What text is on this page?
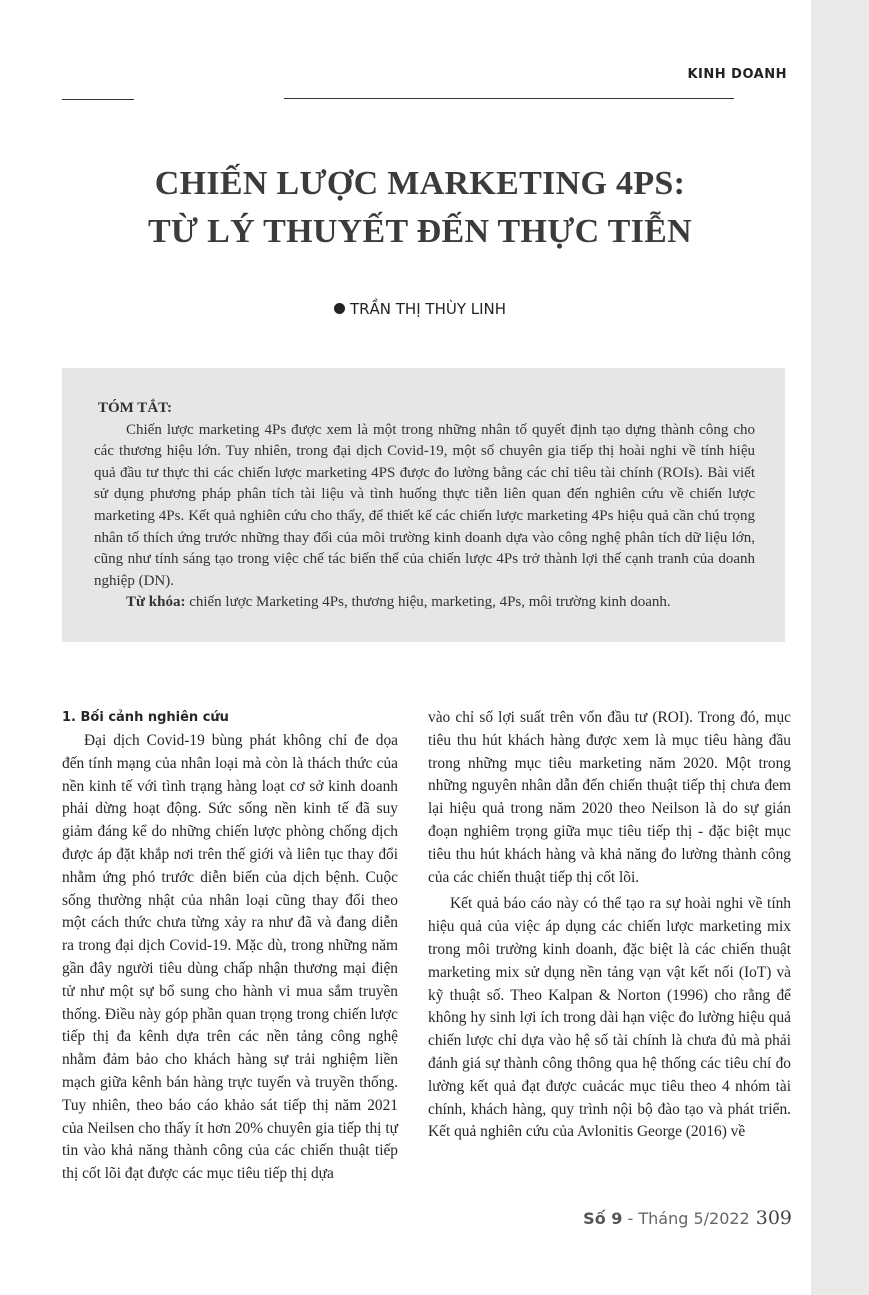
KINH DOANH
CHIẾN LƯỢC MARKETING 4PS:
TỪ LÝ THUYẾT ĐẾN THỰC TIỄN
TRẦN THỊ THÙY LINH
TÓM TẮT:
Chiến lược marketing 4Ps được xem là một trong những nhân tố quyết định tạo dựng thành công cho các thương hiệu lớn. Tuy nhiên, trong đại dịch Covid-19, một số chuyên gia tiếp thị hoài nghi về tính hiệu quả đầu tư thực thi các chiến lược marketing 4PS được đo lường bằng các chỉ tiêu tài chính (ROIs). Bài viết sử dụng phương pháp phân tích tài liệu và tình huống thực tiễn liên quan đến nghiên cứu về chiến lược marketing 4Ps. Kết quả nghiên cứu cho thấy, để thiết kế các chiến lược marketing 4Ps hiệu quả cần chú trọng nhân tố thích ứng trước những thay đổi của môi trường kinh doanh dựa vào công nghệ phân tích dữ liệu lớn, cũng như tính sáng tạo trong việc chế tác biến thể của chiến lược 4Ps trở thành lợi thế cạnh tranh của doanh nghiệp (DN).
Từ khóa: chiến lược Marketing 4Ps, thương hiệu, marketing, 4Ps, môi trường kinh doanh.
1. Bối cảnh nghiên cứu

Đại dịch Covid-19 bùng phát không chỉ đe dọa đến tính mạng của nhân loại mà còn là thách thức của nền kinh tế với tình trạng hàng loạt cơ sở kinh doanh phải dừng hoạt động. Sức sống nền kinh tế đã suy giảm đáng kể do những chiến lược phòng chống dịch được áp đặt khắp nơi trên thế giới và liên tục thay đổi nhằm ứng phó trước diễn biến của dịch bệnh. Cuộc sống thường nhật của nhân loại cũng thay đổi theo một cách thức chưa từng xảy ra như đã và đang diễn ra trong đại dịch Covid-19. Mặc dù, trong những năm gần đây người tiêu dùng chấp nhận thương mại điện tử như một sự bổ sung cho hành vi mua sắm truyền thống. Điều này góp phần quan trọng trong chiến lược tiếp thị đa kênh dựa trên các nền tảng công nghệ nhằm đảm bảo cho khách hàng sự trải nghiệm liền mạch giữa kênh bán hàng trực tuyến và truyền thống. Tuy nhiên, theo báo cáo khảo sát tiếp thị năm 2021 của Neilsen cho thấy ít hơn 20% chuyên gia tiếp thị tự tin vào khả năng thành công của các chiến thuật tiếp thị cốt lõi đạt được các mục tiêu tiếp thị dựa

vào chỉ số lợi suất trên vốn đầu tư (ROI). Trong đó, mục tiêu thu hút khách hàng được xem là mục tiêu hàng đầu trong những mục tiêu marketing năm 2020. Một trong những nguyên nhân dẫn đến chiến thuật tiếp thị chưa đem lại hiệu quả trong năm 2020 theo Neilson là do sự gián đoạn nghiêm trọng giữa mục tiêu tiếp thị - đặc biệt mục tiêu thu hút khách hàng và khả năng đo lường thành công của các chiến thuật tiếp thị cốt lõi.

Kết quả báo cáo này có thể tạo ra sự hoài nghi về tính hiệu quả của việc áp dụng các chiến lược marketing mix trong môi trường kinh doanh, đặc biệt là các chiến thuật marketing mix sử dụng nền tảng vạn vật kết nối (IoT) và kỹ thuật số. Theo Kalpan & Norton (1996) cho rằng để không hy sinh lợi ích trong dài hạn việc đo lường hiệu quả chiến lược chỉ dựa vào hệ số tài chính là chưa đủ mà phải đánh giá sự thành công thông qua hệ thống các tiêu chí đo lường kết quả đạt được cuảcác mục tiêu theo 4 nhóm tài chính, khách hàng, quy trình nội bộ đào tạo và phát triển. Kết quả nghiên cứu của Avlonitis George (2016) về

Số 9 - Tháng 5/2022 309
